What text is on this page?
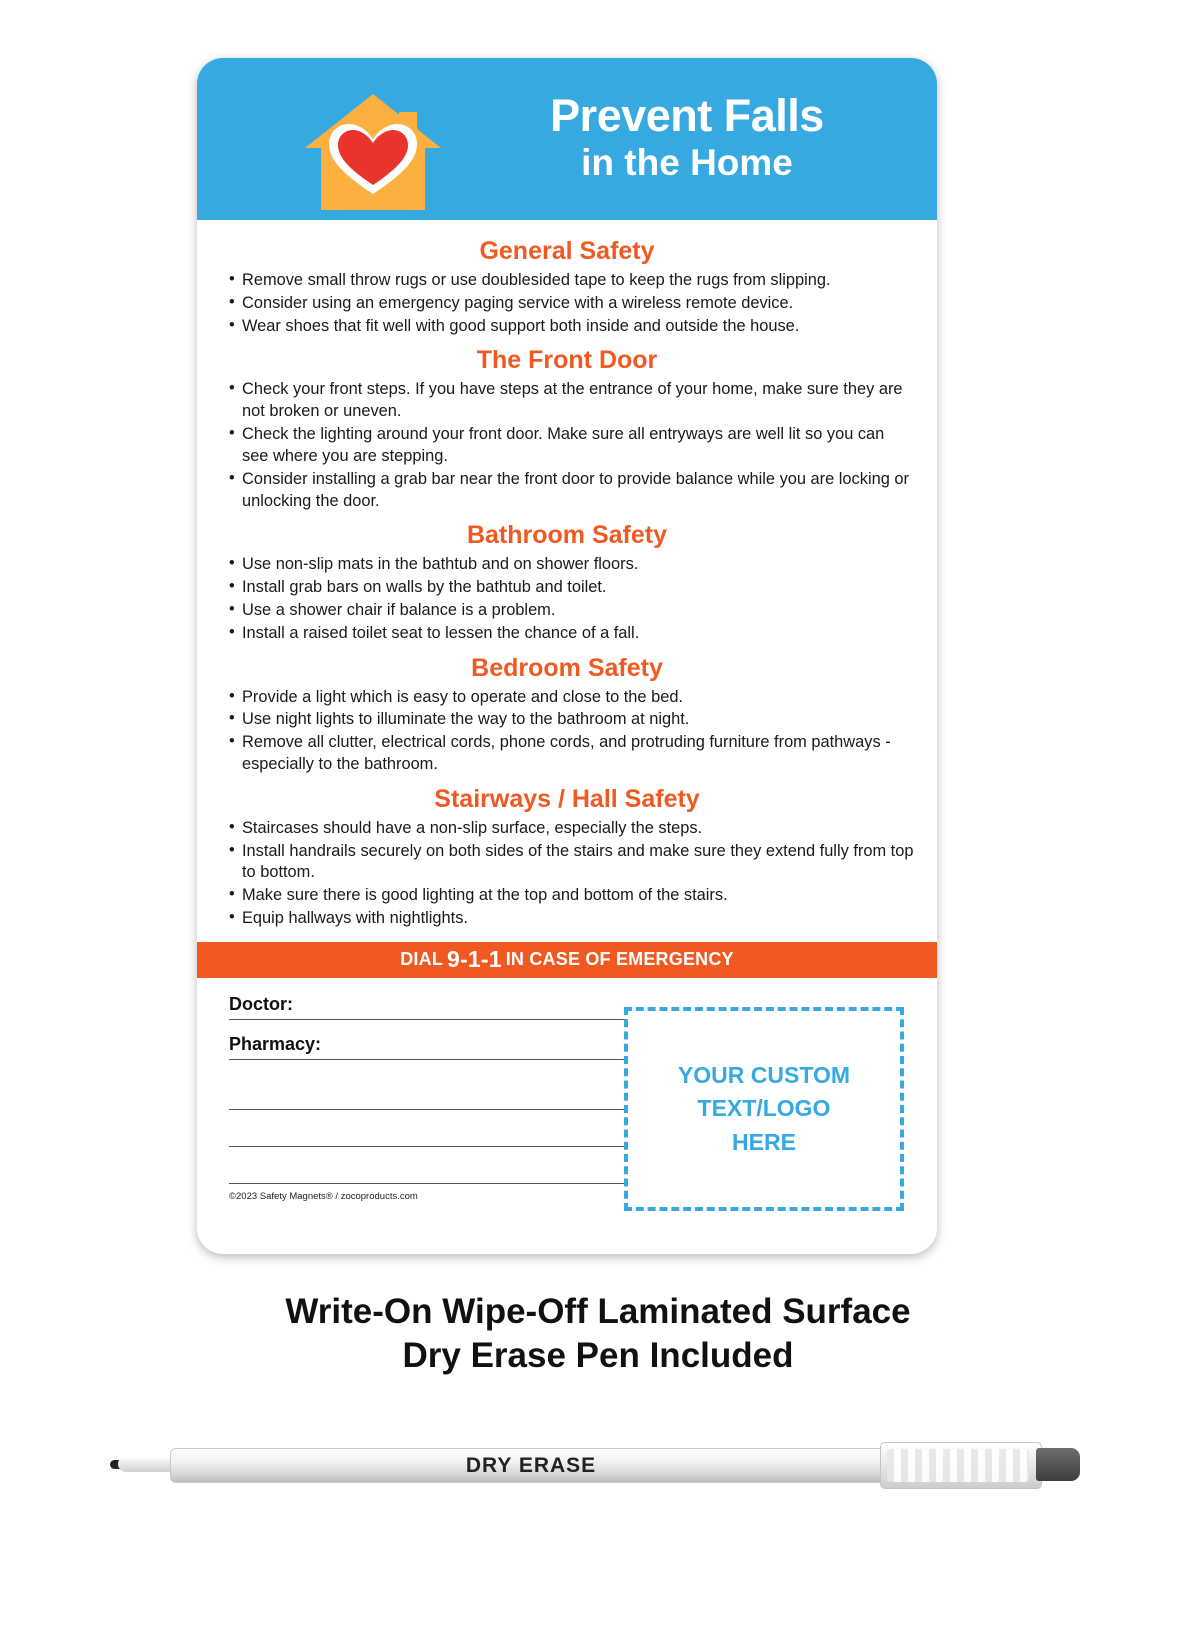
Prevent Falls
in the Home
General Safety
• Remove small throw rugs or use doublesided tape to keep the rugs from slipping.
• Consider using an emergency paging service with a wireless remote device.
• Wear shoes that fit well with good support both inside and outside the house.
The Front Door
• Check your front steps. If you have steps at the entrance of your home, make sure they are not broken or uneven.
• Check the lighting around your front door. Make sure all entryways are well lit so you can see where you are stepping.
• Consider installing a grab bar near the front door to provide balance while you are locking or unlocking the door.
Bathroom Safety
• Use non-slip mats in the bathtub and on shower floors.
• Install grab bars on walls by the bathtub and toilet.
• Use a shower chair if balance is a problem.
• Install a raised toilet seat to lessen the chance of a fall.
Bedroom Safety
• Provide a light which is easy to operate and close to the bed.
• Use night lights to illuminate the way to the bathroom at night.
• Remove all clutter, electrical cords, phone cords, and protruding furniture from pathways - especially to the bathroom.
Stairways / Hall Safety
• Staircases should have a non-slip surface, especially the steps.
• Install handrails securely on both sides of the stairs and make sure they extend fully from top to bottom.
• Make sure there is good lighting at the top and bottom of the stairs.
• Equip hallways with nightlights.
DIAL 9-1-1 IN CASE OF EMERGENCY
Doctor:
Pharmacy:
YOUR CUSTOM
TEXT/LOGO
HERE
©2023 Safety Magnets® / zocoproducts.com
Write-On Wipe-Off Laminated Surface
Dry Erase Pen Included
DRY ERASE
